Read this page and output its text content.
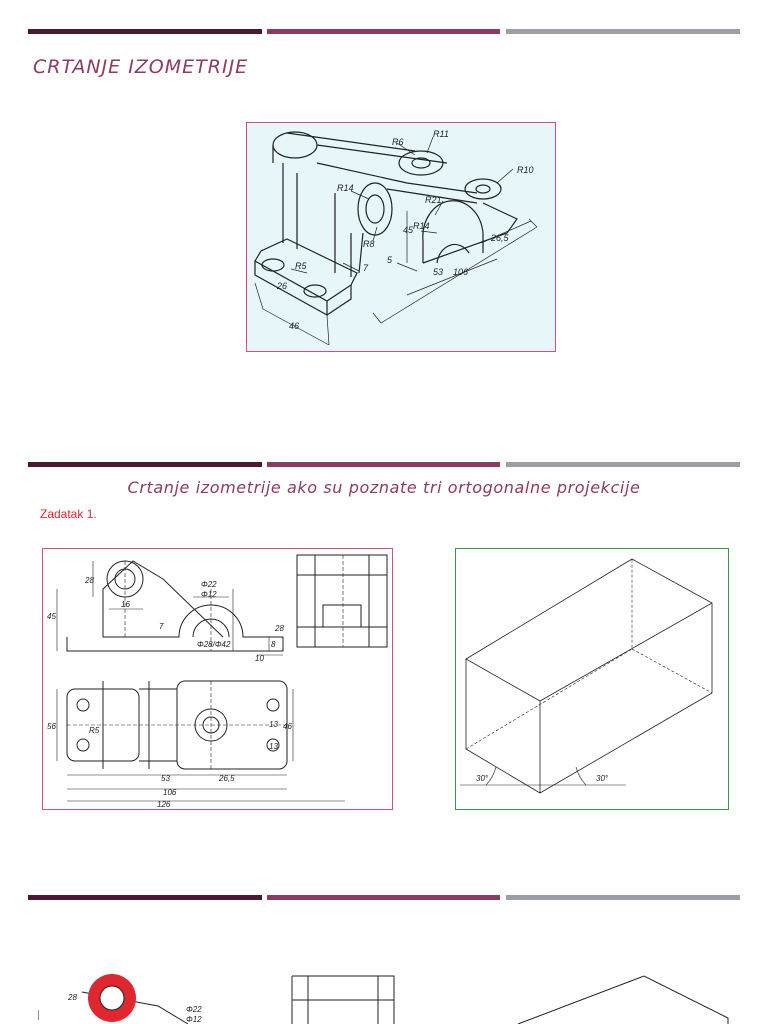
CRTANJE IZOMETRIJE
R6
R11
R10
R14
R21
R14
R8
45
R5	7
5
26,5
53 106
26
46
Crtanje izometrije ako su poznate tri ortogonalne projekcije
Zadatak 1.
28
45
16
Φ22
Φ12
28
8
10
Φ28/Φ42
7
56	R5
13
13
46
53	26,5
106
126
30°	30°
28
Φ22
Φ12
